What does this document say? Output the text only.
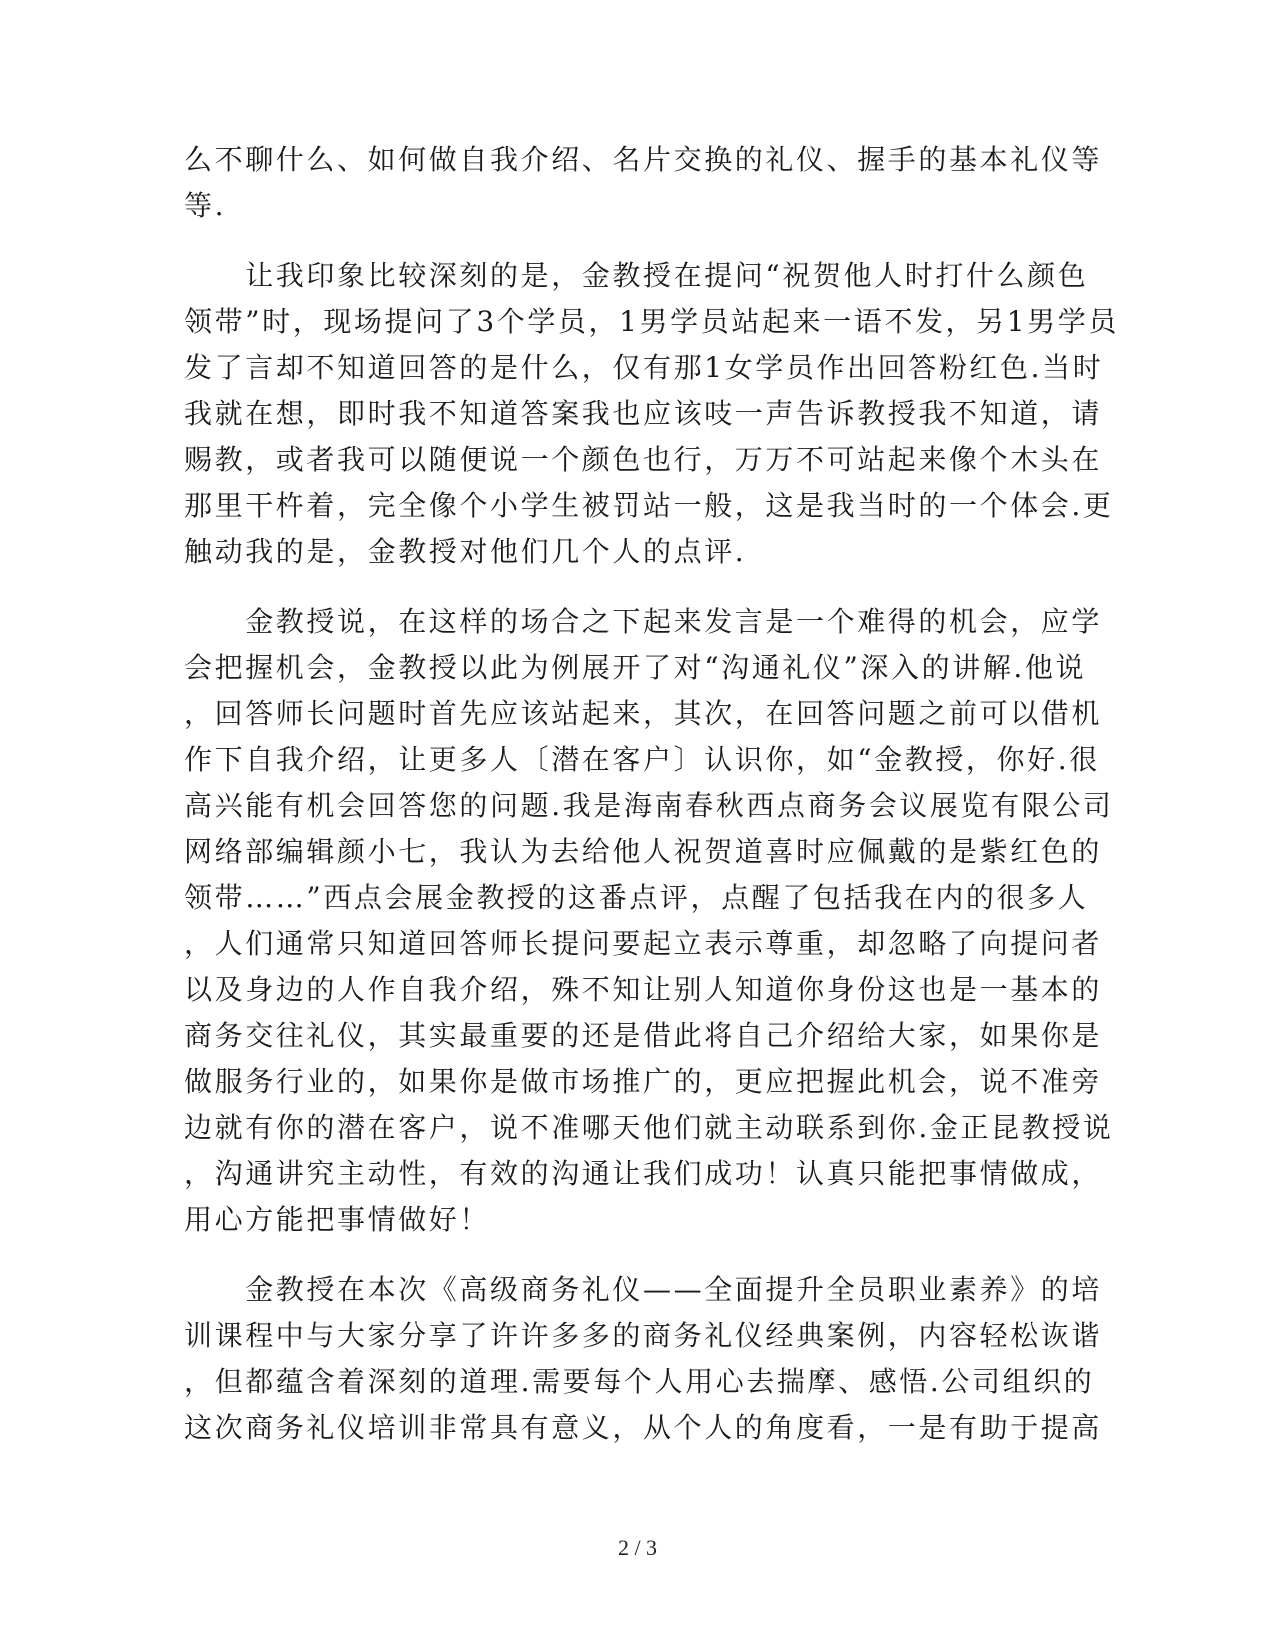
么不聊什么、如何做自我介绍、名片交换的礼仪、握手的基本礼仪等
等.
　　让我印象比较深刻的是，金教授在提问“祝贺他人时打什么颜色
领带”时，现场提问了3个学员，1男学员站起来一语不发，另1男学员
发了言却不知道回答的是什么，仅有那1女学员作出回答粉红色.当时
我就在想，即时我不知道答案我也应该吱一声告诉教授我不知道，请
赐教，或者我可以随便说一个颜色也行，万万不可站起来像个木头在
那里干杵着，完全像个小学生被罚站一般，这是我当时的一个体会.更
触动我的是，金教授对他们几个人的点评.
　　金教授说，在这样的场合之下起来发言是一个难得的机会，应学
会把握机会，金教授以此为例展开了对“沟通礼仪”深入的讲解.他说
，回答师长问题时首先应该站起来，其次，在回答问题之前可以借机
作下自我介绍，让更多人〔潜在客户〕认识你，如“金教授，你好.很
高兴能有机会回答您的问题.我是海南春秋西点商务会议展览有限公司
网络部编辑颜小七，我认为去给他人祝贺道喜时应佩戴的是紫红色的
领带……”西点会展金教授的这番点评，点醒了包括我在内的很多人
，人们通常只知道回答师长提问要起立表示尊重，却忽略了向提问者
以及身边的人作自我介绍，殊不知让别人知道你身份这也是一基本的
商务交往礼仪，其实最重要的还是借此将自己介绍给大家，如果你是
做服务行业的，如果你是做市场推广的，更应把握此机会，说不准旁
边就有你的潜在客户，说不准哪天他们就主动联系到你.金正昆教授说
，沟通讲究主动性，有效的沟通让我们成功！认真只能把事情做成，
用心方能把事情做好！
　　金教授在本次《高级商务礼仪——全面提升全员职业素养》的培
训课程中与大家分享了许许多多的商务礼仪经典案例，内容轻松诙谐
，但都蕴含着深刻的道理.需要每个人用心去揣摩、感悟.公司组织的
这次商务礼仪培训非常具有意义，从个人的角度看，一是有助于提高
2 / 3
